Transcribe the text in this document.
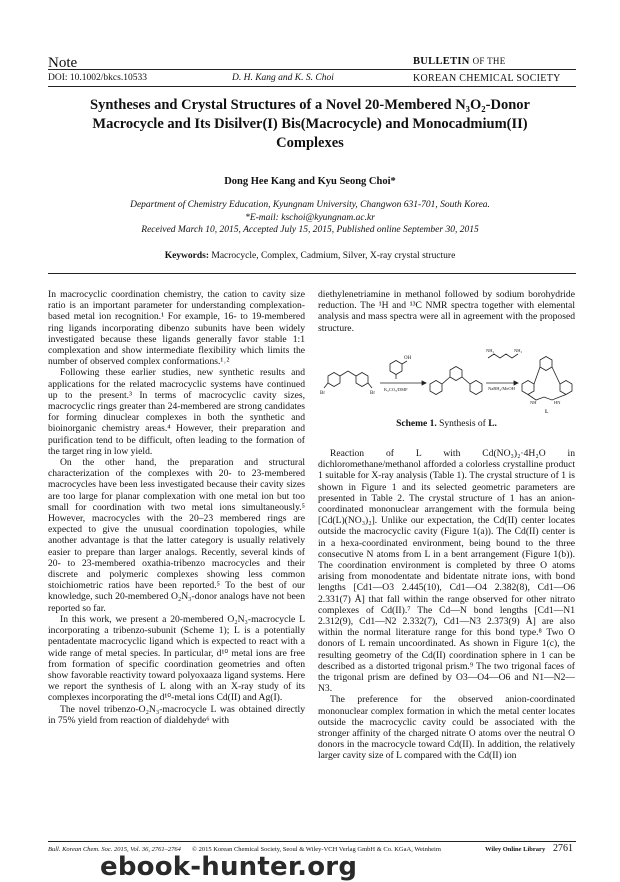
Note
DOI: 10.1002/bkcs.10533	D. H. Kang and K. S. Choi
BULLETIN OF THE
KOREAN CHEMICAL SOCIETY
Syntheses and Crystal Structures of a Novel 20-Membered N₃O₂-Donor
Macrocycle and Its Disilver(I) Bis(Macrocycle) and Monocadmium(II)
Complexes
Dong Hee Kang and Kyu Seong Choi*
Department of Chemistry Education, Kyungnam University, Changwon 631-701, South Korea.
*E-mail: kschoi@kyungnam.ac.kr
Received March 10, 2015, Accepted July 15, 2015, Published online September 30, 2015
Keywords: Macrocycle, Complex, Cadmium, Silver, X-ray crystal structure

In macrocyclic coordination chemistry, the cation to cavity size ratio is an important parameter for understanding complexation-based metal ion recognition.¹ For example, 16- to 19-membered ring ligands incorporating dibenzo subunits have been widely investigated because these ligands generally favor stable 1:1 complexation and show intermediate flexibility which limits the number of observed complex conformations.¹˒²

Following these earlier studies, new synthetic results and applications for the related macrocyclic systems have continued up to the present.³ In terms of macrocyclic cavity sizes, macrocyclic rings greater than 24-membered are strong candidates for forming dinuclear complexes in both the synthetic and bioinorganic chemistry areas.⁴ However, their preparation and purification tend to be difficult, often leading to the formation of the target ring in low yield.

On the other hand, the preparation and structural characterization of the complexes with 20- to 23-membered macrocycles have been less investigated because their cavity sizes are too large for planar complexation with one metal ion but too small for coordination with two metal ions simultaneously.⁵ However, macrocycles with the 20–23 membered rings are expected to give the unusual coordination topologies, while another advantage is that the latter category is usually relatively easier to prepare than larger analogs. Recently, several kinds of 20- to 23-membered oxathia-tribenzo macrocycles and their discrete and polymeric complexes showing less common stoichiometric ratios have been reported.⁵ To the best of our knowledge, such 20-membered O₂N₃-donor analogs have not been reported so far.

In this work, we present a 20-membered O₂N₃-macrocycle L incorporating a tribenzo-subunit (Scheme 1); L is a potentially pentadentate macrocyclic ligand which is expected to react with a wide range of metal species. In particular, d¹⁰ metal ions are free from formation of specific coordination geometries and often show favorable reactivity toward polyoxaaza ligand systems. Here we report the synthesis of L along with an X-ray study of its complexes incorporating the d¹⁰-metal ions Cd(II) and Ag(I).

The novel tribenzo-O₂N₃-macrocycle L was obtained directly in 75% yield from reaction of dialdehyde⁶ with

diethylenetriamine in methanol followed by sodium borohydride reduction. The ¹H and ¹³C NMR spectra together with elemental analysis and mass spectra were all in agreement with the proposed structure.

OH
Br	Br
K₂CO₃/DMF
NH₂	NH₂
NaBH₄/MeOH
NH	HN
L
Scheme 1. Synthesis of L.

Reaction of L with Cd(NO₃)₂·4H₂O in dichloromethane/methanol afforded a colorless crystalline product 1 suitable for X-ray analysis (Table 1). The crystal structure of 1 is shown in Figure 1 and its selected geometric parameters are presented in Table 2. The crystal structure of 1 has an anion-coordinated mononuclear arrangement with the formula being [Cd(L)(NO₃)₂]. Unlike our expectation, the Cd(II) center locates outside the macrocyclic cavity (Figure 1(a)). The Cd(II) center is in a hexa-coordinated environment, being bound to the three consecutive N atoms from L in a bent arrangement (Figure 1(b)). The coordination environment is completed by three O atoms arising from monodentate and bidentate nitrate ions, with bond lengths [Cd1—O3 2.445(10), Cd1—O4 2.382(8), Cd1—O6 2.331(7) Å] that fall within the range observed for other nitrato complexes of Cd(II).⁷ The Cd—N bond lengths [Cd1—N1 2.312(9), Cd1—N2 2.332(7), Cd1—N3 2.373(9) Å] are also within the normal literature range for this bond type.⁸ Two O donors of L remain uncoordinated. As shown in Figure 1(c), the resulting geometry of the Cd(II) coordination sphere in 1 can be described as a distorted trigonal prism.⁹ The two trigonal faces of the trigonal prism are defined by O3—O4—O6 and N1—N2—N3.

The preference for the observed anion-coordinated mononuclear complex formation in which the metal center locates outside the macrocyclic cavity could be associated with the stronger affinity of the charged nitrate O atoms over the neutral O donors in the macrocycle toward Cd(II). In addition, the relatively larger cavity size of L compared with the Cd(II) ion

Bull. Korean Chem. Soc. 2015, Vol. 36, 2761–2764 © 2015 Korean Chemical Society, Seoul & Wiley-VCH Verlag GmbH & Co. KGaA, Weinheim	Wiley Online Library 2761
ebook-hunter.org
